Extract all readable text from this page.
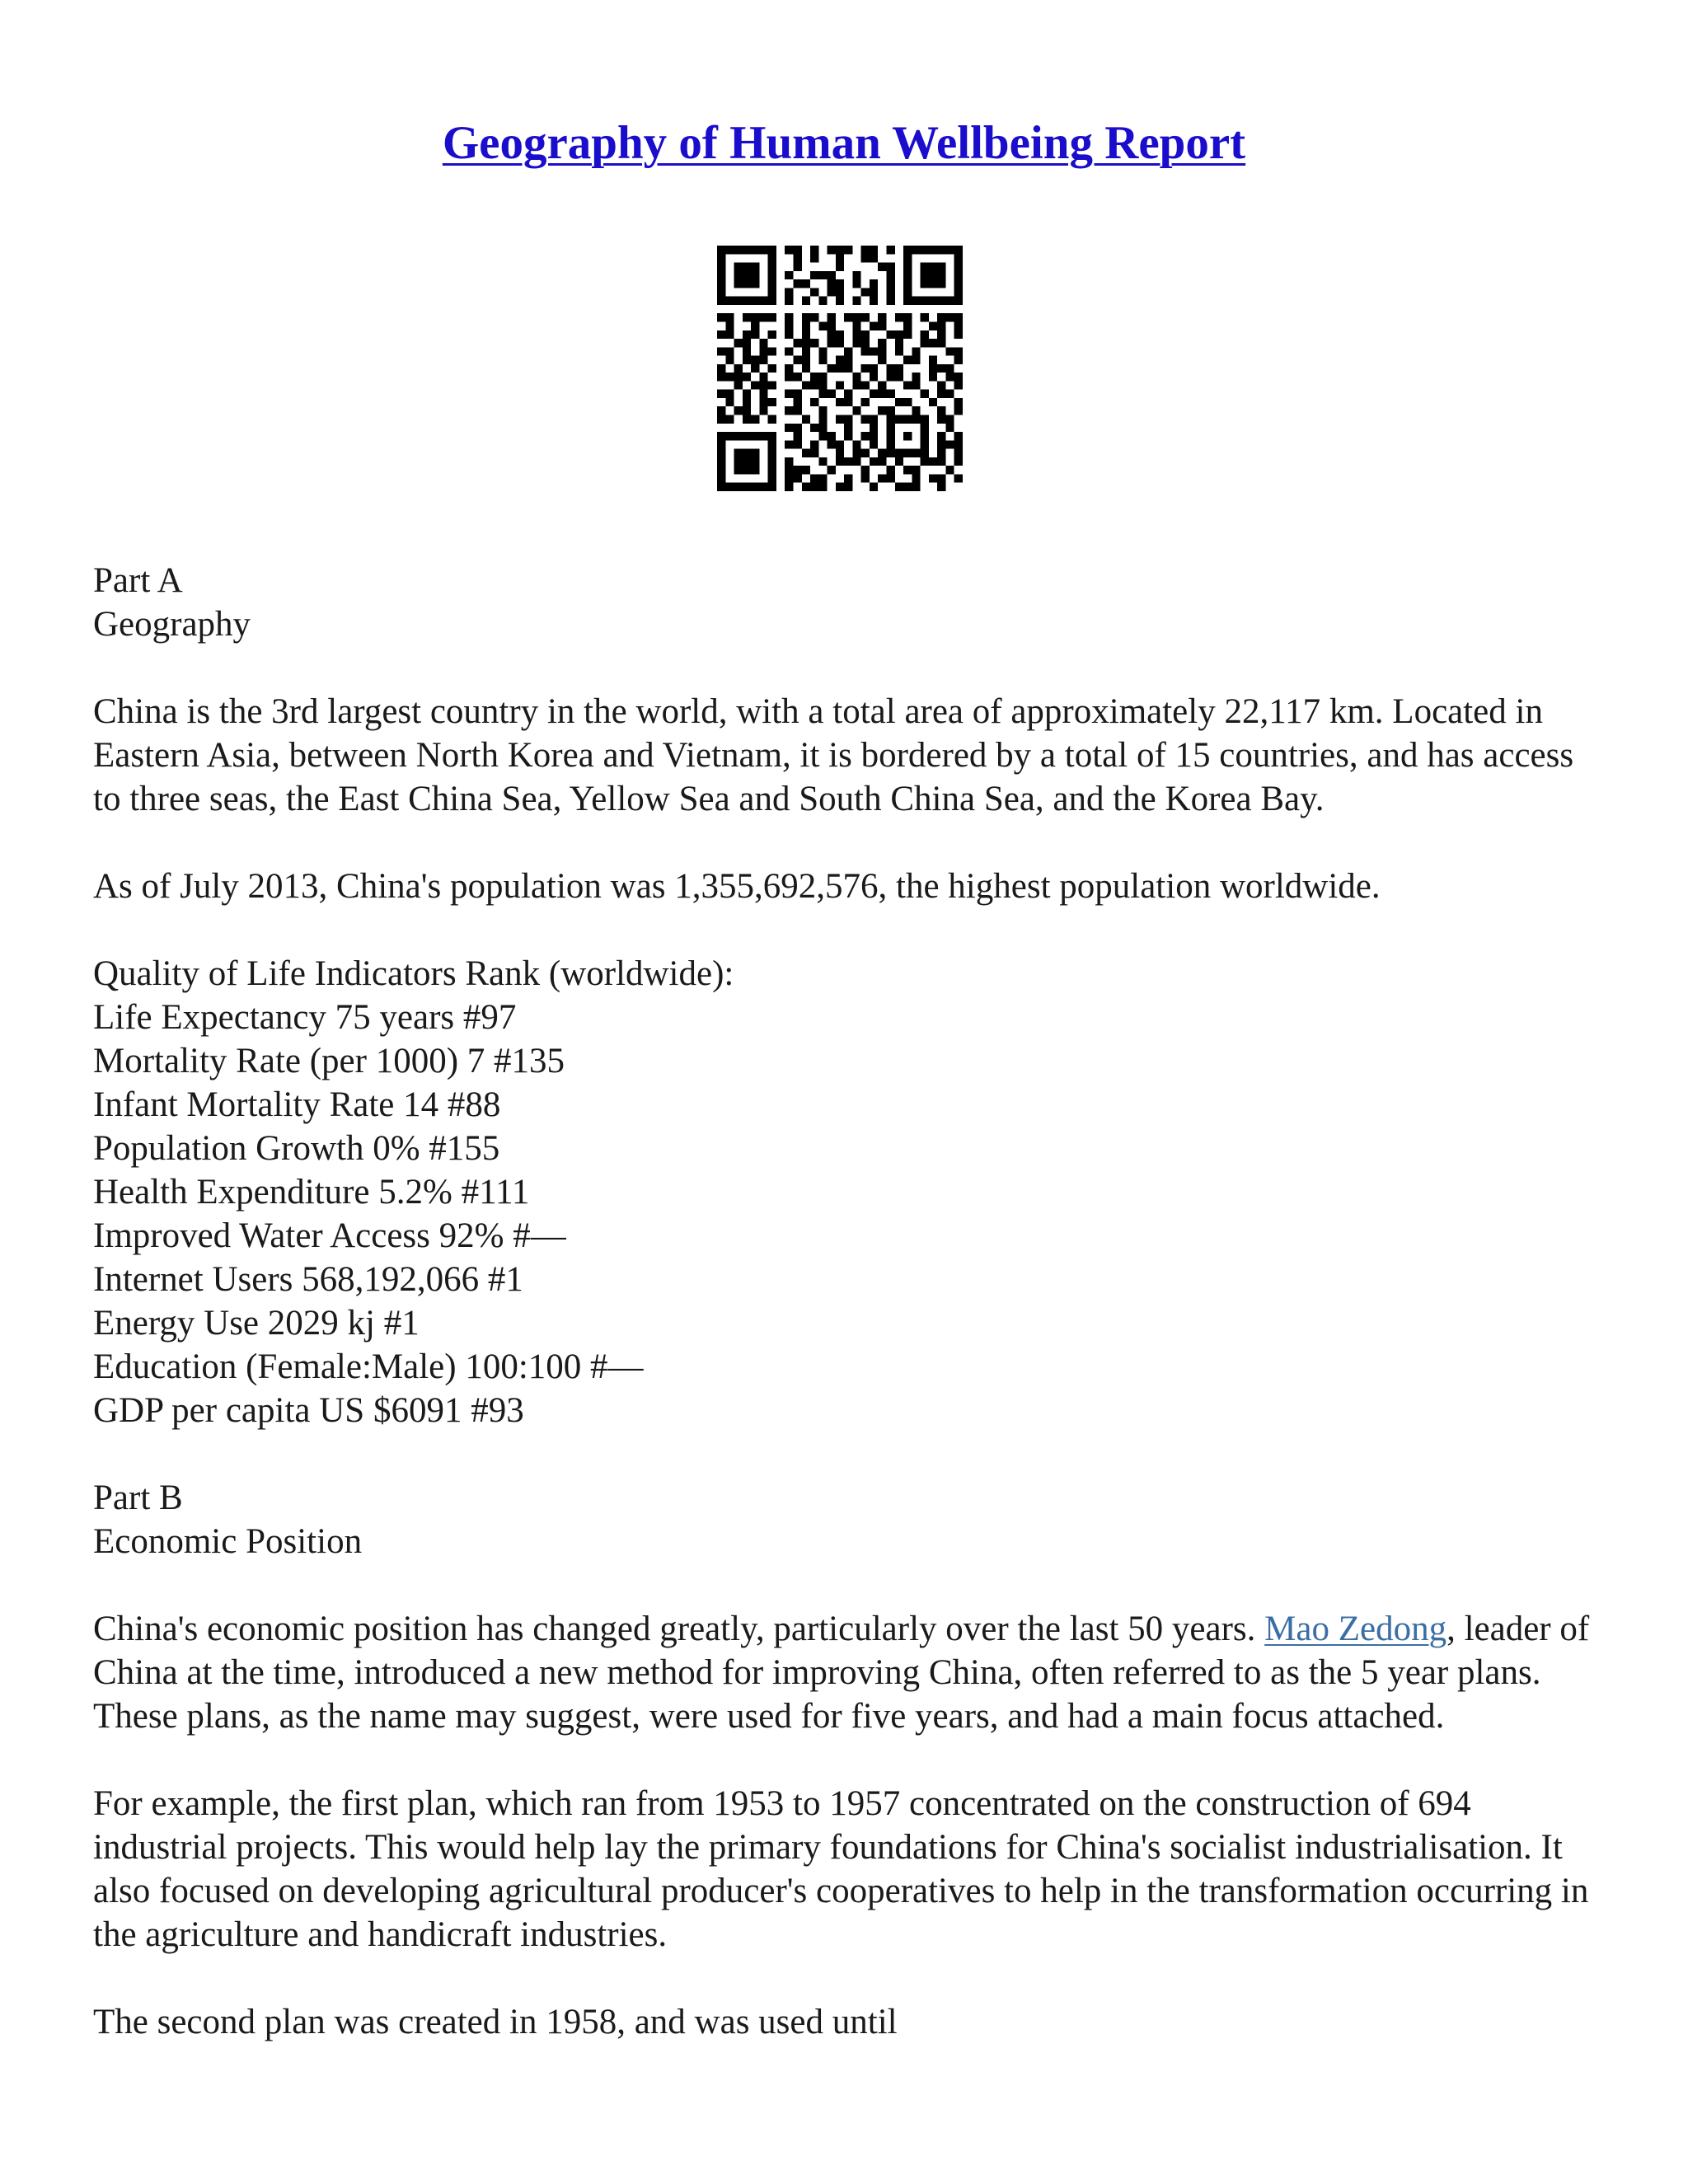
Geography of Human Wellbeing Report

Part A
Geography

China is the 3rd largest country in the world, with a total area of approximately 22,117 km. Located in Eastern Asia, between North Korea and Vietnam, it is bordered by a total of 15 countries, and has access to three seas, the East China Sea, Yellow Sea and South China Sea, and the Korea Bay.

As of July 2013, China's population was 1,355,692,576, the highest population worldwide.

Quality of Life Indicators Rank (worldwide):
Life Expectancy 75 years #97
Mortality Rate (per 1000) 7 #135
Infant Mortality Rate 14 #88
Population Growth 0% #155
Health Expenditure 5.2% #111
Improved Water Access 92% #—
Internet Users 568,192,066 #1
Energy Use 2029 kj #1
Education (Female:Male) 100:100 #—
GDP per capita US $6091 #93

Part B
Economic Position

China's economic position has changed greatly, particularly over the last 50 years. Mao Zedong, leader of China at the time, introduced a new method for improving China, often referred to as the 5 year plans. These plans, as the name may suggest, were used for five years, and had a main focus attached.

For example, the first plan, which ran from 1953 to 1957 concentrated on the construction of 694 industrial projects. This would help lay the primary foundations for China's socialist industrialisation. It also focused on developing agricultural producer's cooperatives to help in the transformation occurring in the agriculture and handicraft industries.

The second plan was created in 1958, and was used until
